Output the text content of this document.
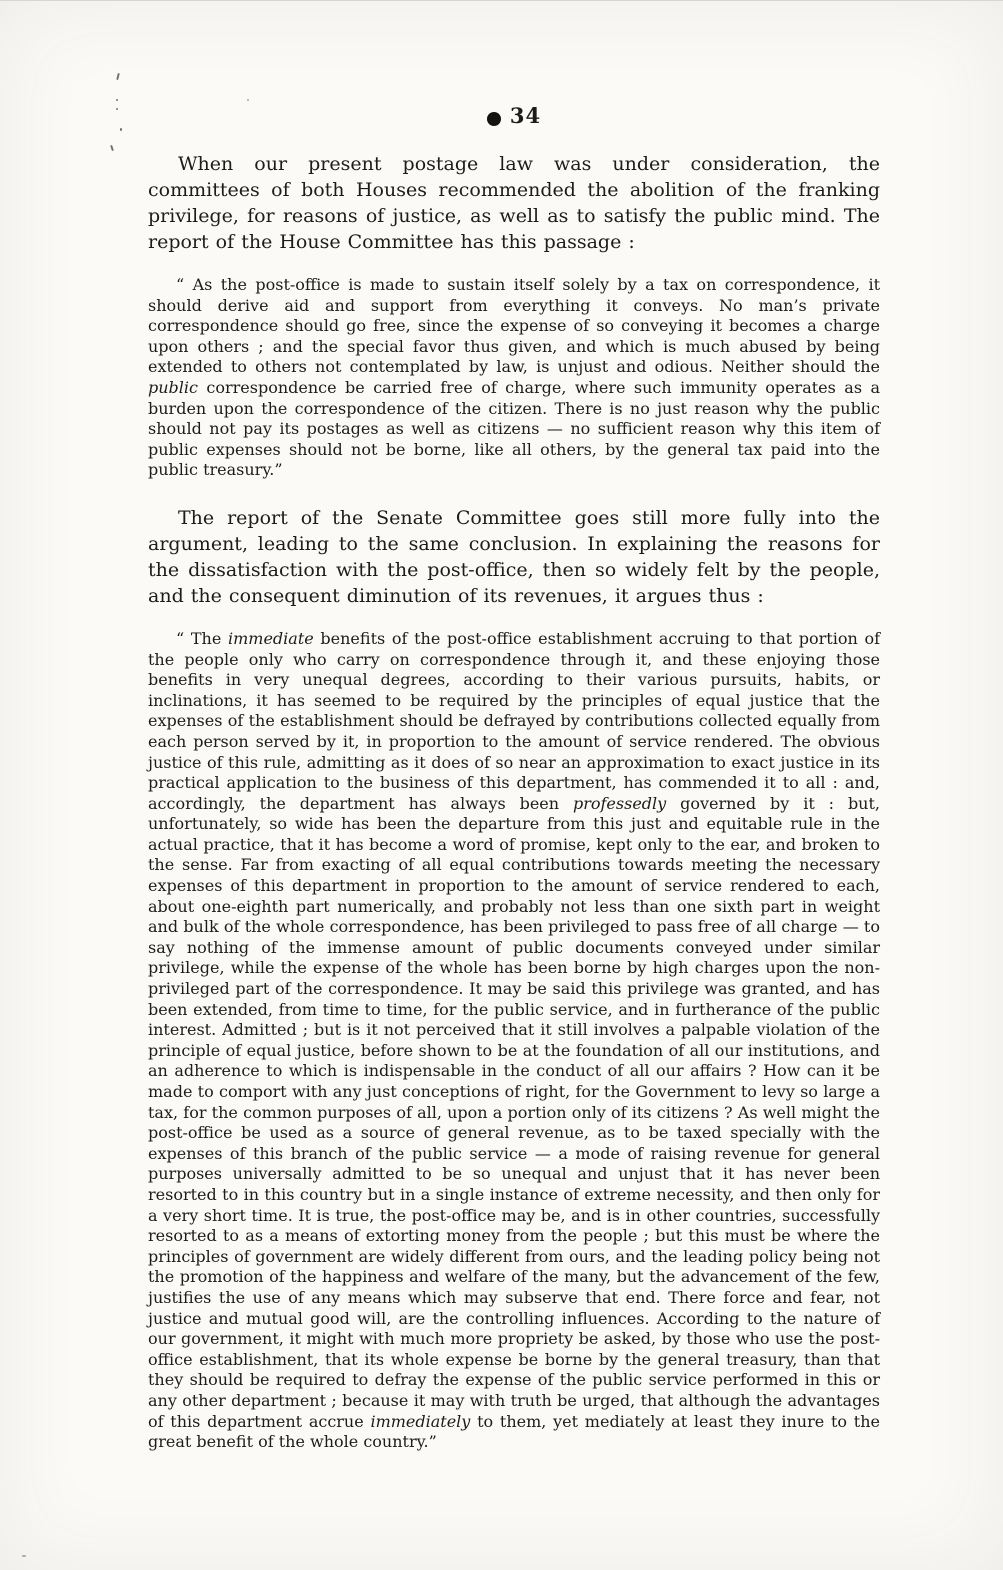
34

When our present postage law was under consideration, the committees of both Houses recommended the abolition of the franking privilege, for reasons of justice, as well as to satisfy the public mind. The report of the House Committee has this passage :

“ As the post-office is made to sustain itself solely by a tax on correspondence, it should derive aid and support from everything it conveys. No man’s private correspondence should go free, since the expense of so conveying it becomes a charge upon others ; and the special favor thus given, and which is much abused by being extended to others not contemplated by law, is unjust and odious. Neither should the public correspondence be carried free of charge, where such immunity operates as a burden upon the correspondence of the citizen. There is no just reason why the public should not pay its postages as well as citizens — no sufficient reason why this item of public expenses should not be borne, like all others, by the general tax paid into the public treasury.”

The report of the Senate Committee goes still more fully into the argument, leading to the same conclusion. In explaining the reasons for the dissatisfaction with the post-office, then so widely felt by the people, and the consequent diminution of its revenues, it argues thus :

“ The immediate benefits of the post-office establishment accruing to that portion of the people only who carry on correspondence through it, and these enjoying those benefits in very unequal degrees, according to their various pursuits, habits, or inclinations, it has seemed to be required by the principles of equal justice that the expenses of the establishment should be defrayed by contributions collected equally from each person served by it, in proportion to the amount of service rendered. The obvious justice of this rule, admitting as it does of so near an approximation to exact justice in its practical application to the business of this department, has commended it to all : and, accordingly, the department has always been professedly governed by it : but, unfortunately, so wide has been the departure from this just and equitable rule in the actual practice, that it has become a word of promise, kept only to the ear, and broken to the sense. Far from exacting of all equal contributions towards meeting the necessary expenses of this department in proportion to the amount of service rendered to each, about one-eighth part numerically, and probably not less than one sixth part in weight and bulk of the whole correspondence, has been privileged to pass free of all charge — to say nothing of the immense amount of public documents conveyed under similar privilege, while the expense of the whole has been borne by high charges upon the non-privileged part of the correspondence. It may be said this privilege was granted, and has been extended, from time to time, for the public service, and in furtherance of the public interest. Admitted ; but is it not perceived that it still involves a palpable violation of the principle of equal justice, before shown to be at the foundation of all our institutions, and an adherence to which is indispensable in the conduct of all our affairs ? How can it be made to comport with any just conceptions of right, for the Government to levy so large a tax, for the common purposes of all, upon a portion only of its citizens ? As well might the post-office be used as a source of general revenue, as to be taxed specially with the expenses of this branch of the public service — a mode of raising revenue for general purposes universally admitted to be so unequal and unjust that it has never been resorted to in this country but in a single instance of extreme necessity, and then only for a very short time. It is true, the post-office may be, and is in other countries, successfully resorted to as a means of extorting money from the people ; but this must be where the principles of government are widely different from ours, and the leading policy being not the promotion of the happiness and welfare of the many, but the advancement of the few, justifies the use of any means which may subserve that end. There force and fear, not justice and mutual good will, are the controlling influences. According to the nature of our government, it might with much more propriety be asked, by those who use the post-office establishment, that its whole expense be borne by the general treasury, than that they should be required to defray the expense of the public service performed in this or any other department ; because it may with truth be urged, that although the advantages of this department accrue immediately to them, yet mediately at least they inure to the great benefit of the whole country.”
